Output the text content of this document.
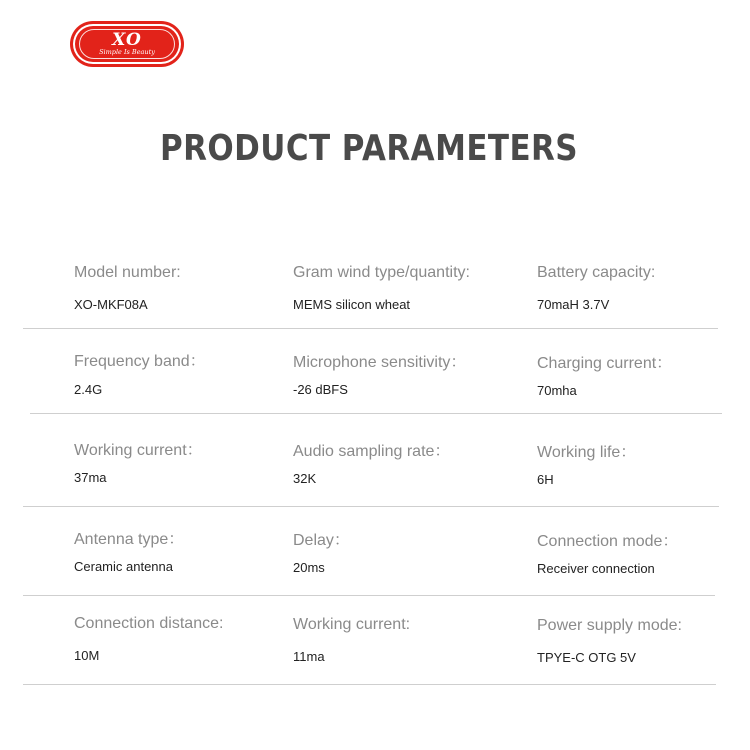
XO
Simple Is Beauty
PRODUCT PARAMETERS
Model number:
XO-MKF08A
Gram wind type/quantity:
MEMS silicon wheat
Battery capacity:
70maH 3.7V
Frequency band：
2.4G
Microphone sensitivity：
-26 dBFS
Charging current：
70mha
Working current：
37ma
Audio sampling rate：
32K
Working life：
6H
Antenna type：
Ceramic antenna
Delay：
20ms
Connection mode：
Receiver connection
Connection distance:
10M
Working current:
11ma
Power supply mode:
TPYE-C OTG 5V
